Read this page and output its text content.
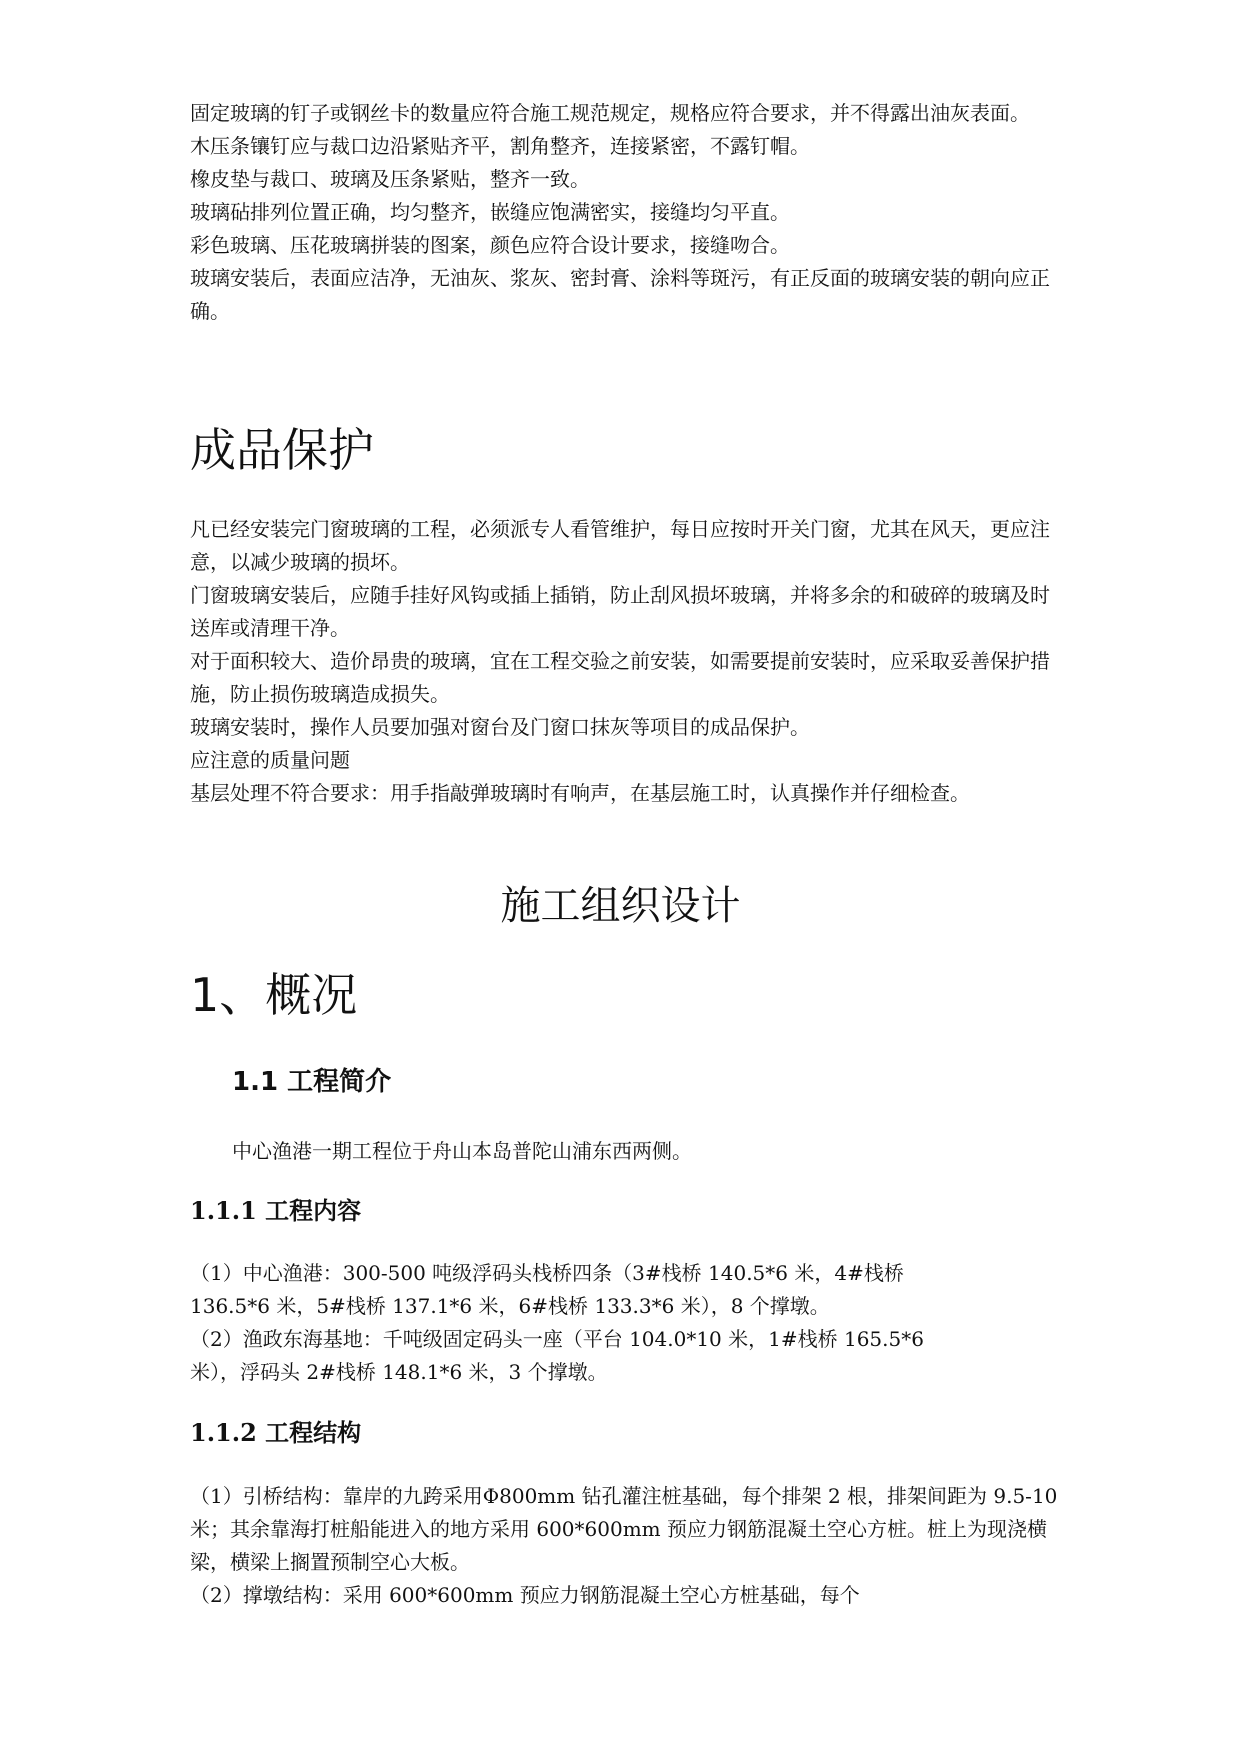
固定玻璃的钉子或钢丝卡的数量应符合施工规范规定，规格应符合要求，并不得露出油灰表面。

木压条镶钉应与裁口边沿紧贴齐平，割角整齐，连接紧密，不露钉帽。

橡皮垫与裁口、玻璃及压条紧贴，整齐一致。

玻璃砧排列位置正确，均匀整齐，嵌缝应饱满密实，接缝均匀平直。

彩色玻璃、压花玻璃拼装的图案，颜色应符合设计要求，接缝吻合。

玻璃安装后，表面应洁净，无油灰、浆灰、密封膏、涂料等斑污，有正反面的玻璃安装的朝向应正确。

成品保护

凡已经安装完门窗玻璃的工程，必须派专人看管维护，每日应按时开关门窗，尤其在风天，更应注意，以减少玻璃的损坏。

门窗玻璃安装后，应随手挂好风钩或插上插销，防止刮风损坏玻璃，并将多余的和破碎的玻璃及时送库或清理干净。

对于面积较大、造价昂贵的玻璃，宜在工程交验之前安装，如需要提前安装时，应采取妥善保护措施，防止损伤玻璃造成损失。

玻璃安装时，操作人员要加强对窗台及门窗口抹灰等项目的成品保护。

应注意的质量问题

基层处理不符合要求：用手指敲弹玻璃时有响声，在基层施工时，认真操作并仔细检查。

施工组织设计
1、概况
1.1 工程简介

中心渔港一期工程位于舟山本岛普陀山浦东西两侧。

1.1.1 工程内容

（1）中心渔港：300-500 吨级浮码头栈桥四条（3#栈桥 140.5*6 米，4#栈桥

136.5*6 米，5#栈桥 137.1*6 米，6#栈桥 133.3*6 米），8 个撑墩。

（2）渔政东海基地：千吨级固定码头一座（平台 104.0*10 米，1#栈桥 165.5*6

米），浮码头 2#栈桥 148.1*6 米，3 个撑墩。

1.1.2 工程结构

（1）引桥结构：靠岸的九跨采用Φ800mm 钻孔灌注桩基础，每个排架 2 根，排架间距为 9.5-10 米；其余靠海打桩船能进入的地方采用 600*600mm 预应力钢筋混凝土空心方桩。桩上为现浇横梁，横梁上搁置预制空心大板。

（2）撑墩结构：采用 600*600mm 预应力钢筋混凝土空心方桩基础，每个
